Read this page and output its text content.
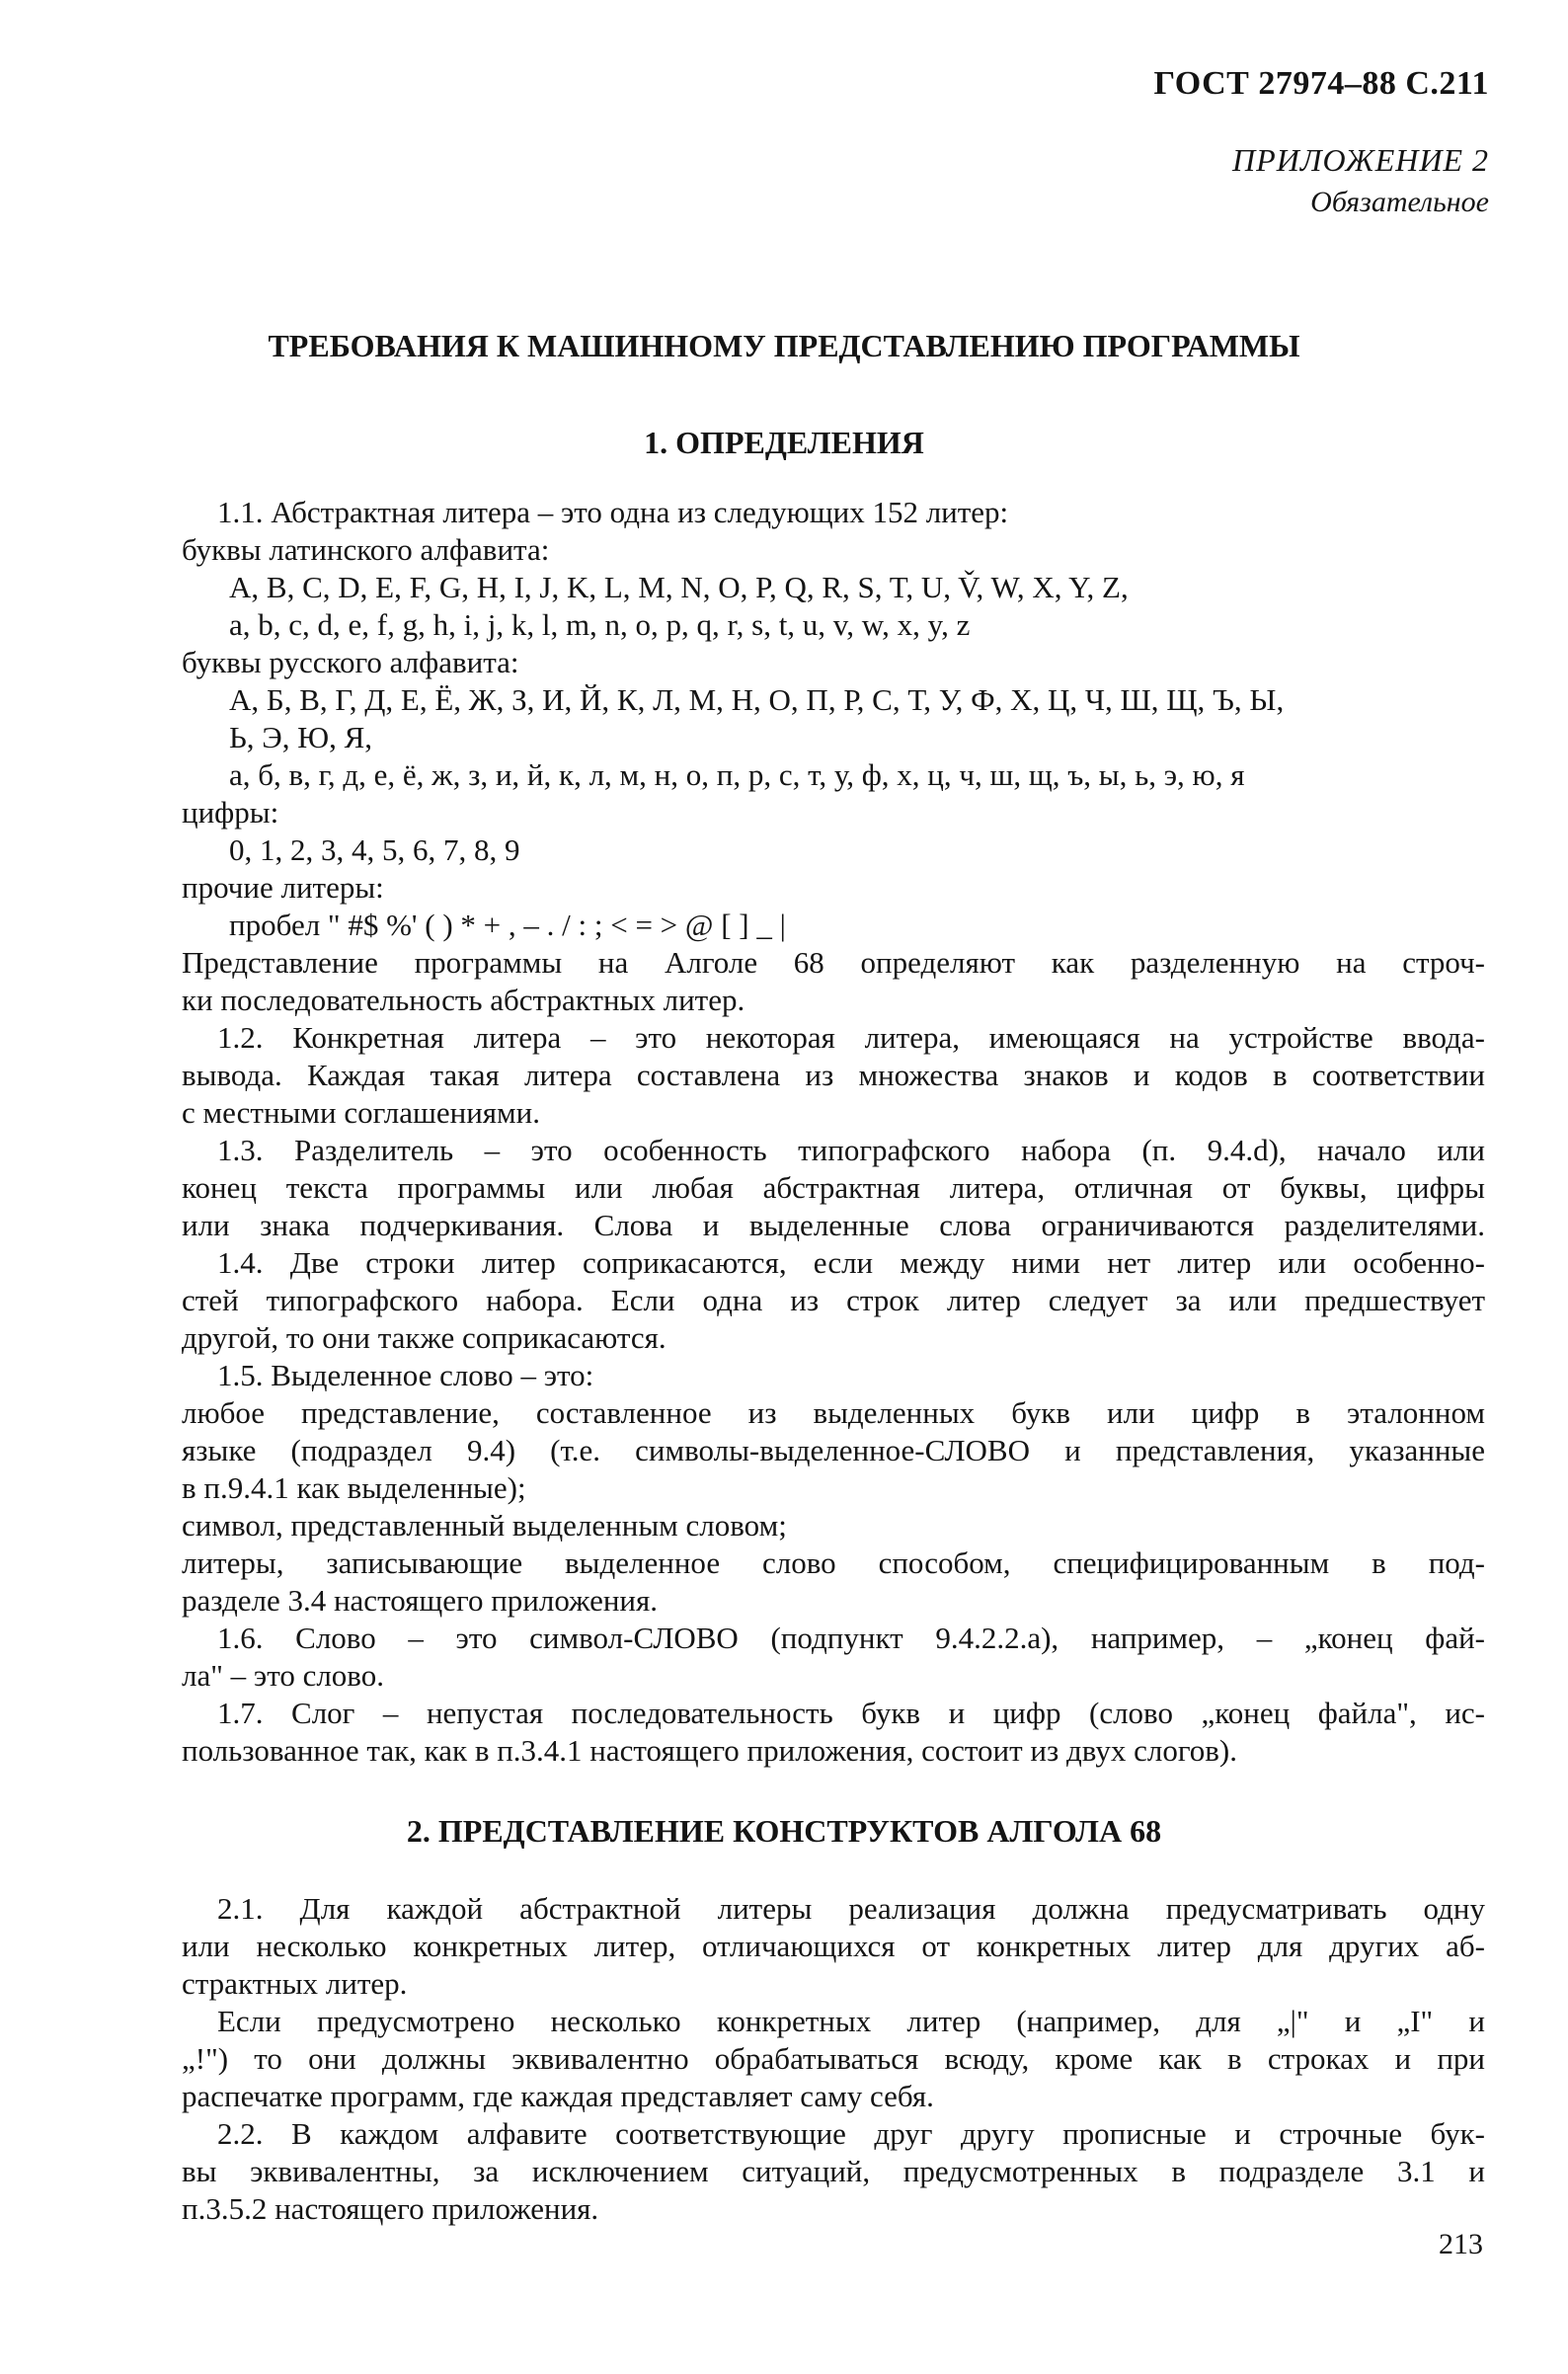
ГОСТ 27974–88 С.211
ПРИЛОЖЕНИЕ 2
Обязательное
ТРЕБОВАНИЯ К МАШИННОМУ ПРЕДСТАВЛЕНИЮ ПРОГРАММЫ
1. ОПРЕДЕЛЕНИЯ
1.1. Абстрактная литера – это одна из следующих 152 литер:
буквы латинского алфавита:
A, B, C, D, E, F, G, H, I, J, K, L, M, N, O, P, Q, R, S, T, U, V̌, W, X, Y, Z,
a, b, c, d, e, f, g, h, i, j, k, l, m, n, o, p, q, r, s, t, u, v, w, x, y, z
буквы русского алфавита:
А, Б, В, Г, Д, Е, Ё, Ж, З, И, Й, К, Л, М, Н, О, П, Р, С, Т, У, Ф, Х, Ц, Ч, Ш, Щ, Ъ, Ы,
Ь, Э, Ю, Я,
а, б, в, г, д, е, ё, ж, з, и, й, к, л, м, н, о, п, р, с, т, у, ф, х, ц, ч, ш, щ, ъ, ы, ь, э, ю, я
цифры:
0, 1, 2, 3, 4, 5, 6, 7, 8, 9
прочие литеры:
пробел " #$ %' ( ) * + , – . / : ; < = > @ [ ] _ |
Представление программы на Алголе 68 определяют как разделенную на строч-
ки последовательность абстрактных литер.
1.2. Конкретная литера – это некоторая литера, имеющаяся на устройстве ввода-
вывода. Каждая такая литера составлена из множества знаков и кодов в соответствии
с местными соглашениями.
1.3. Разделитель – это особенность типографского набора (п. 9.4.d), начало или
конец текста программы или любая абстрактная литера, отличная от буквы, цифры
или знака подчеркивания. Слова и выделенные слова ограничиваются разделителями.
1.4. Две строки литер соприкасаются, если между ними нет литер или особенно-
стей типографского набора. Если одна из строк литер следует за или предшествует
другой, то они также соприкасаются.
1.5. Выделенное слово – это:
любое представление, составленное из выделенных букв или цифр в эталонном
языке (подраздел 9.4) (т.е. символы-выделенное-СЛОВО и представления, указанные
в п.9.4.1 как выделенные);
символ, представленный выделенным словом;
литеры, записывающие выделенное слово способом, специфицированным в под-
разделе 3.4 настоящего приложения.
1.6. Слово – это символ-СЛОВО (подпункт 9.4.2.2.a), например, – „конец фай-
ла" – это слово.
1.7. Слог – непустая последовательность букв и цифр (слово „конец файла", ис-
пользованное так, как в п.3.4.1 настоящего приложения, состоит из двух слогов).
2. ПРЕДСТАВЛЕНИЕ КОНСТРУКТОВ АЛГОЛА 68
2.1. Для каждой абстрактной литеры реализация должна предусматривать одну
или несколько конкретных литер, отличающихся от конкретных литер для других аб-
страктных литер.
Если предусмотрено несколько конкретных литер (например, для „|" и „I" и
„!") то они должны эквивалентно обрабатываться всюду, кроме как в строках и при
распечатке программ, где каждая представляет саму себя.
2.2. В каждом алфавите соответствующие друг другу прописные и строчные бук-
вы эквивалентны, за исключением ситуаций, предусмотренных в подразделе 3.1 и
п.3.5.2 настоящего приложения.
213
